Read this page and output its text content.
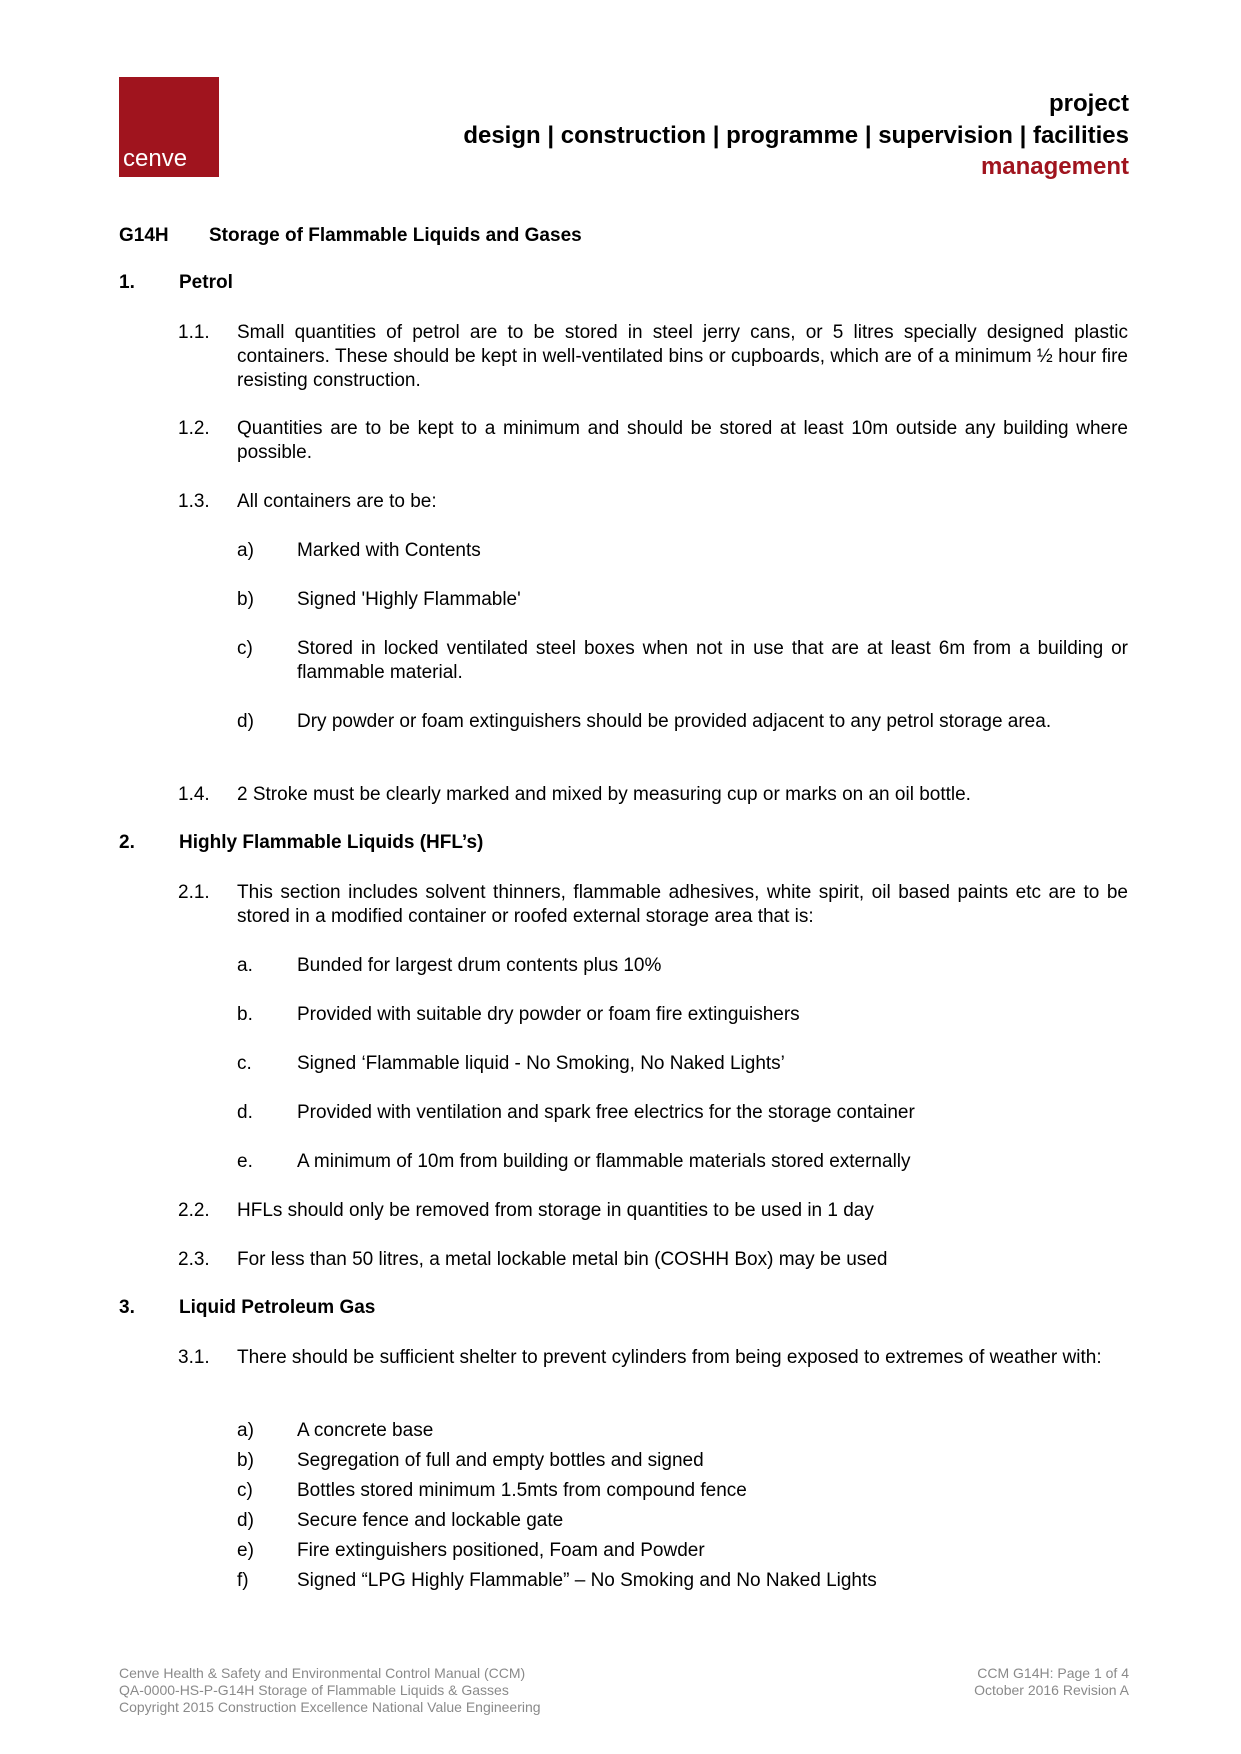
cenve
project
design | construction | programme | supervision | facilities
management
G14H Storage of Flammable Liquids and Gases
1. Petrol
1.1. Small quantities of petrol are to be stored in steel jerry cans, or 5 litres specially designed plastic containers. These should be kept in well-ventilated bins or cupboards, which are of a minimum ½ hour fire resisting construction.
1.2. Quantities are to be kept to a minimum and should be stored at least 10m outside any building where possible.
1.3. All containers are to be:
a) Marked with Contents
b) Signed 'Highly Flammable'
c) Stored in locked ventilated steel boxes when not in use that are at least 6m from a building or flammable material.
d) Dry powder or foam extinguishers should be provided adjacent to any petrol storage area.
1.4. 2 Stroke must be clearly marked and mixed by measuring cup or marks on an oil bottle.
2. Highly Flammable Liquids (HFL’s)
2.1. This section includes solvent thinners, flammable adhesives, white spirit, oil based paints etc are to be stored in a modified container or roofed external storage area that is:
a. Bunded for largest drum contents plus 10%
b. Provided with suitable dry powder or foam fire extinguishers
c. Signed ‘Flammable liquid - No Smoking, No Naked Lights’
d. Provided with ventilation and spark free electrics for the storage container
e. A minimum of 10m from building or flammable materials stored externally
2.2. HFLs should only be removed from storage in quantities to be used in 1 day
2.3. For less than 50 litres, a metal lockable metal bin (COSHH Box) may be used
3. Liquid Petroleum Gas
3.1. There should be sufficient shelter to prevent cylinders from being exposed to extremes of weather with:
a) A concrete base
b) Segregation of full and empty bottles and signed
c) Bottles stored minimum 1.5mts from compound fence
d) Secure fence and lockable gate
e) Fire extinguishers positioned, Foam and Powder
f)	Signed “LPG Highly Flammable” – No Smoking and No Naked Lights
Cenve Health & Safety and Environmental Control Manual (CCM)
QA-0000-HS-P-G14H Storage of Flammable Liquids & Gasses
Copyright 2015 Construction Excellence National Value Engineering
CCM G14H: Page 1 of 4
October 2016 Revision A
